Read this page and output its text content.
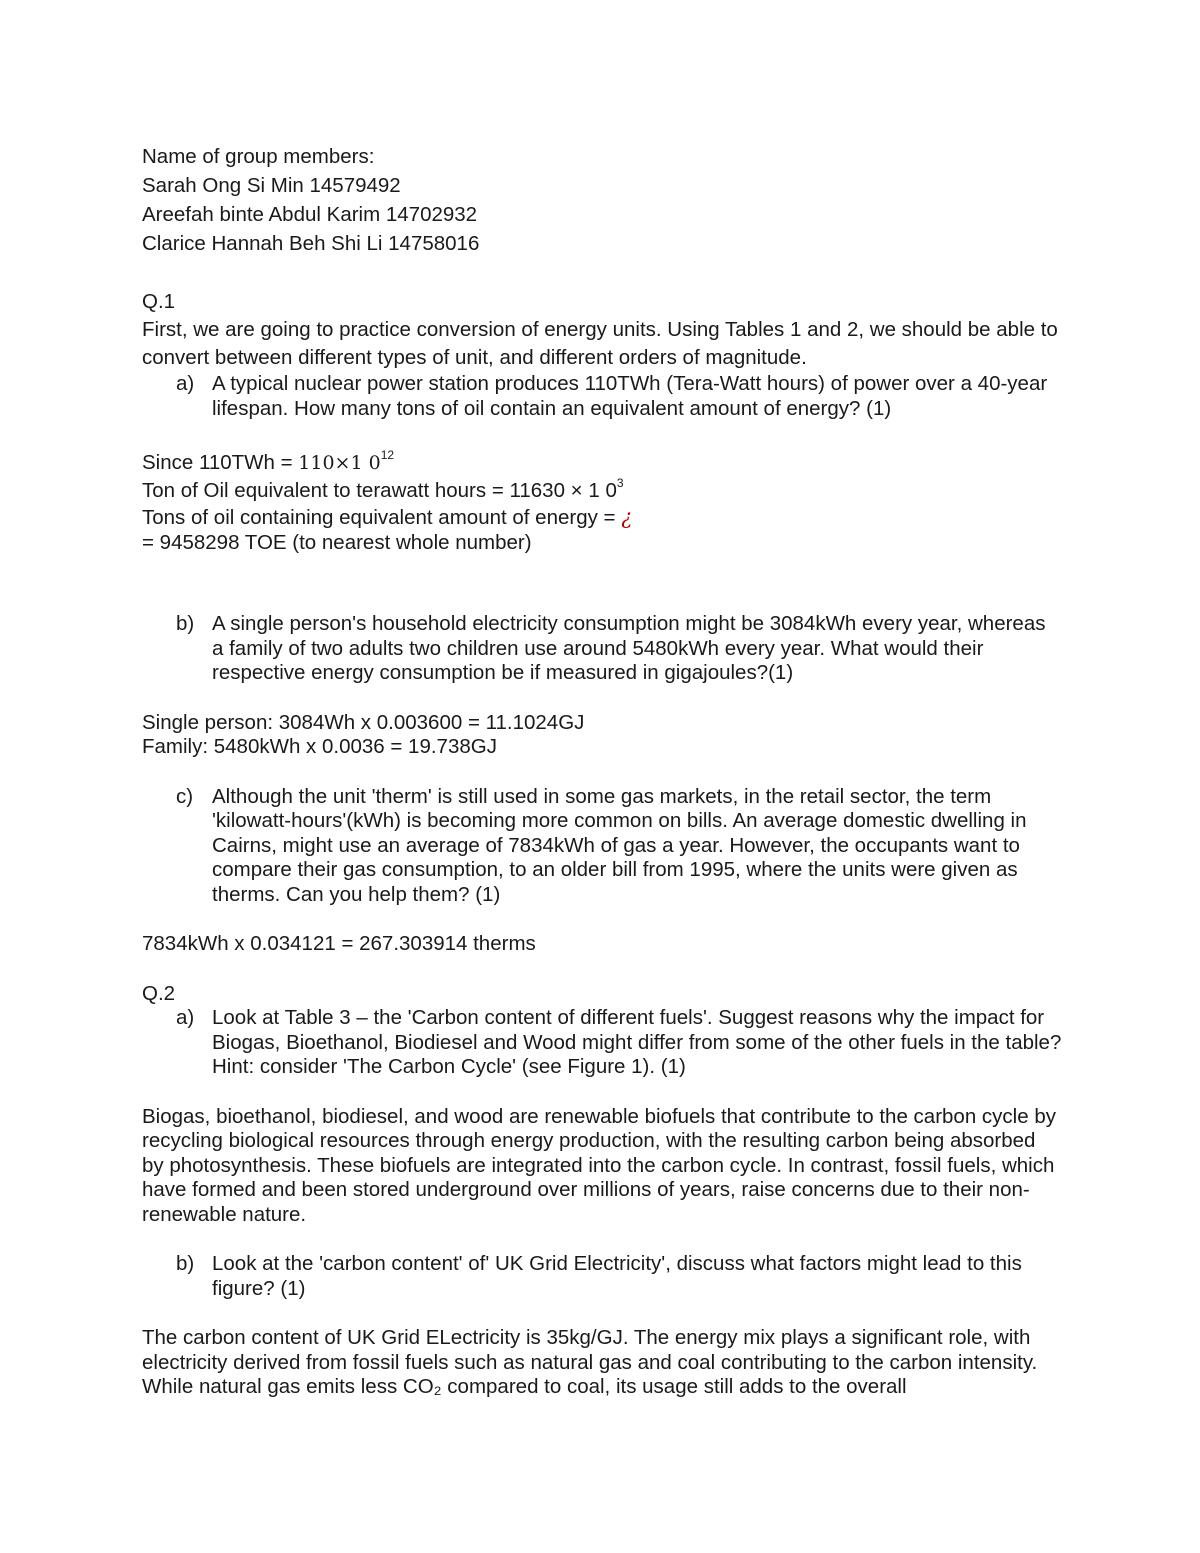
Name of group members:

Sarah Ong Si Min 14579492

Areefah binte Abdul Karim 14702932

Clarice Hannah Beh Shi Li 14758016

Q.1

First, we are going to practice conversion of energy units. Using Tables 1 and 2, we should be able to convert between different types of unit, and different orders of magnitude.

a) A typical nuclear power station produces 110TWh (Tera-Watt hours) of power over a 40-year lifespan. How many tons of oil contain an equivalent amount of energy? (1)

Since 110TWh = 110×1 $0^{12}$

Ton of Oil equivalent to terawatt hours = 11630 × 1 $0^3$

Tons of oil containing equivalent amount of energy = ¿

= 9458298 TOE (to nearest whole number)

b) A single person's household electricity consumption might be 3084kWh every year, whereas a family of two adults two children use around 5480kWh every year. What would their respective energy consumption be if measured in gigajoules?(1)

Single person: 3084Wh x 0.003600 = 11.1024GJ

Family: 5480kWh x 0.0036 = 19.738GJ

c) Although the unit 'therm' is still used in some gas markets, in the retail sector, the term 'kilowatt-hours'(kWh) is becoming more common on bills. An average domestic dwelling in Cairns, might use an average of 7834kWh of gas a year. However, the occupants want to compare their gas consumption, to an older bill from 1995, where the units were given as therms. Can you help them? (1)

7834kWh x 0.034121 = 267.303914 therms

Q.2

a) Look at Table 3 – the 'Carbon content of different fuels'. Suggest reasons why the impact for Biogas, Bioethanol, Biodiesel and Wood might differ from some of the other fuels in the table? Hint: consider 'The Carbon Cycle' (see Figure 1). (1)

Biogas, bioethanol, biodiesel, and wood are renewable biofuels that contribute to the carbon cycle by recycling biological resources through energy production, with the resulting carbon being absorbed by photosynthesis. These biofuels are integrated into the carbon cycle. In contrast, fossil fuels, which have formed and been stored underground over millions of years, raise concerns due to their non-renewable nature.

b) Look at the 'carbon content' of' UK Grid Electricity', discuss what factors might lead to this figure? (1)

The carbon content of UK Grid ELectricity is 35kg/GJ. The energy mix plays a significant role, with electricity derived from fossil fuels such as natural gas and coal contributing to the carbon intensity. While natural gas emits less CO₂ compared to coal, its usage still adds to the overall
